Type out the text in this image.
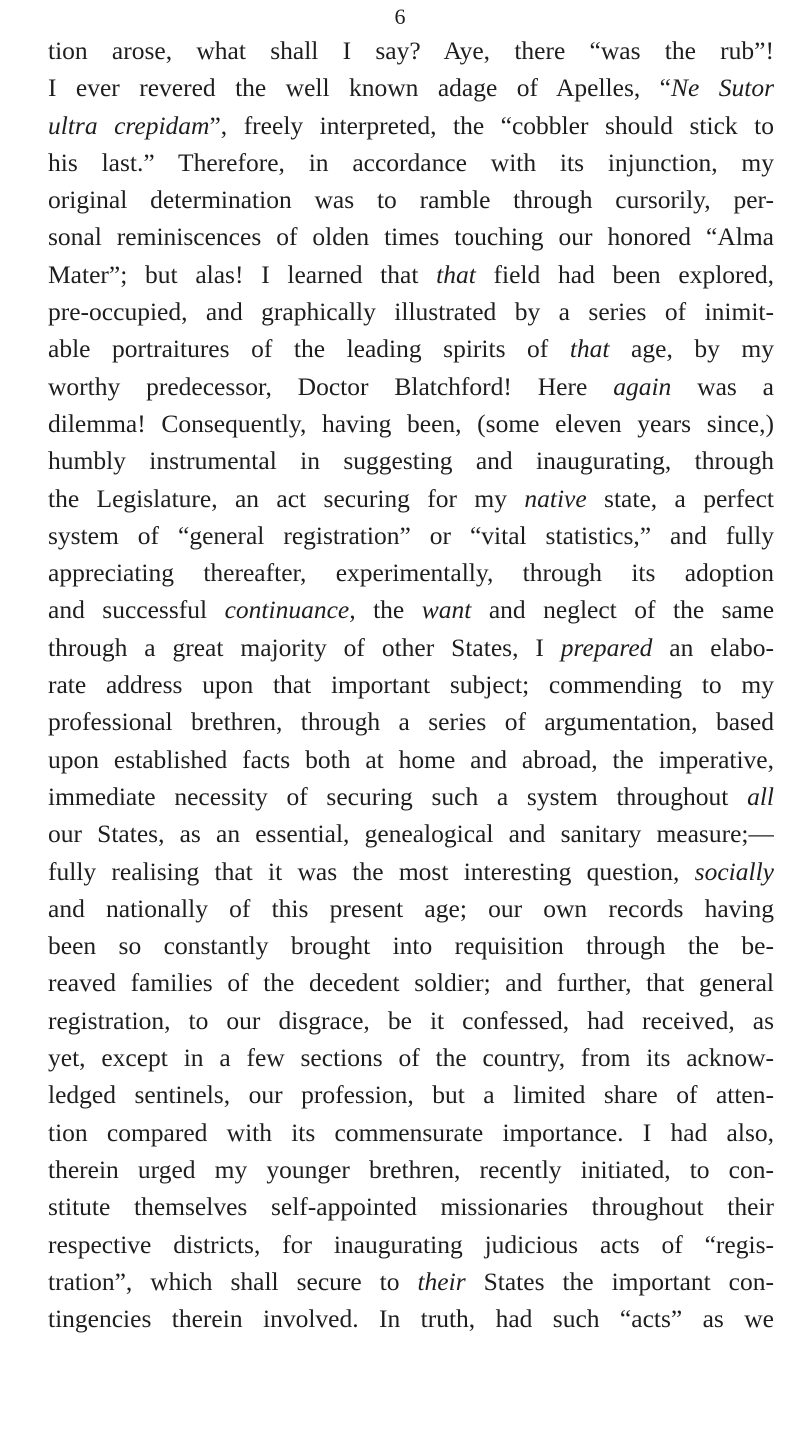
6
tion arose, what shall I say? Aye, there “was the rub”!
I ever revered the well known adage of Apelles, “Ne Sutor
ultra crepidam”, freely interpreted, the “cobbler should stick to
his last.” Therefore, in accordance with its injunction, my
original determination was to ramble through cursorily, per-
sonal reminiscences of olden times touching our honored “Alma
Mater”; but alas! I learned that that field had been explored,
pre-occupied, and graphically illustrated by a series of inimit-
able portraitures of the leading spirits of that age, by my
worthy predecessor, Doctor Blatchford! Here again was a
dilemma! Consequently, having been, (some eleven years since,)
humbly instrumental in suggesting and inaugurating, through
the Legislature, an act securing for my native state, a perfect
system of “general registration” or “vital statistics,” and fully
appreciating thereafter, experimentally, through its adoption
and successful continuance, the want and neglect of the same
through a great majority of other States, I prepared an elabo-
rate address upon that important subject; commending to my
professional brethren, through a series of argumentation, based
upon established facts both at home and abroad, the imperative,
immediate necessity of securing such a system throughout all
our States, as an essential, genealogical and sanitary measure;—
fully realising that it was the most interesting question, socially
and nationally of this present age; our own records having
been so constantly brought into requisition through the be-
reaved families of the decedent soldier; and further, that general
registration, to our disgrace, be it confessed, had received, as
yet, except in a few sections of the country, from its acknow-
ledged sentinels, our profession, but a limited share of atten-
tion compared with its commensurate importance. I had also,
therein urged my younger brethren, recently initiated, to con-
stitute themselves self-appointed missionaries throughout their
respective districts, for inaugurating judicious acts of “regis-
tration”, which shall secure to their States the important con-
tingencies therein involved. In truth, had such “acts” as we
